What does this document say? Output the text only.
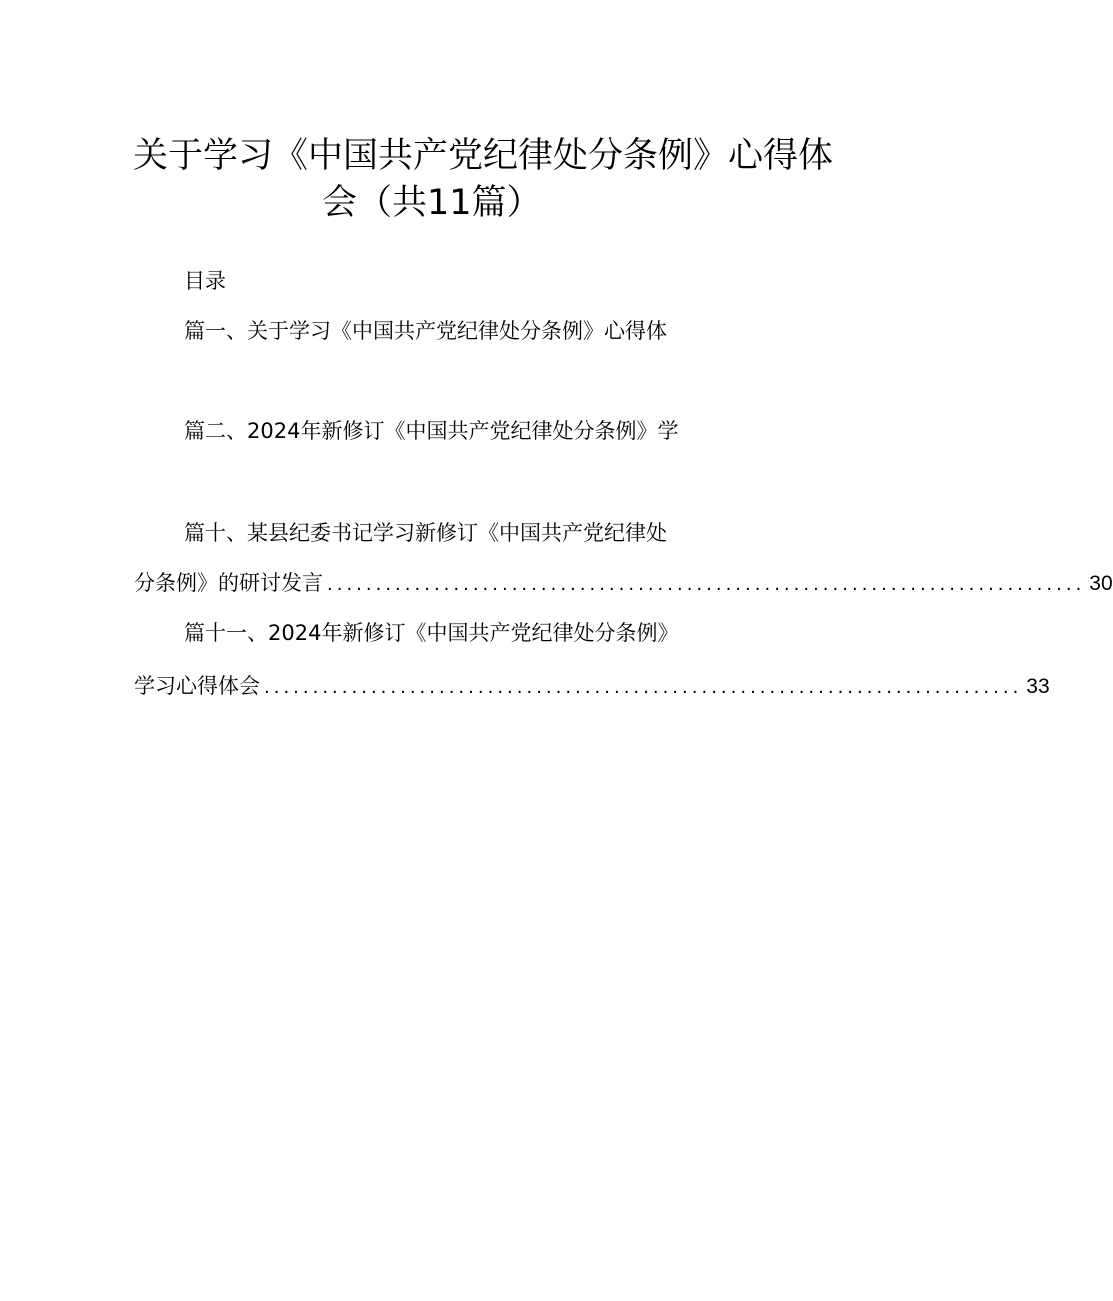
关于学习《中国共产党纪律处分条例》心得体
会（共11篇）
目录
篇一、关于学习《中国共产党纪律处分条例》心得体
篇二、2024年新修订《中国共产党纪律处分条例》学
篇十、某县纪委书记学习新修订《中国共产党纪律处
分条例》的研讨发言 .............................................................................. 30
篇十一、2024年新修订《中国共产党纪律处分条例》
学习心得体会 .............................................................................. 33
